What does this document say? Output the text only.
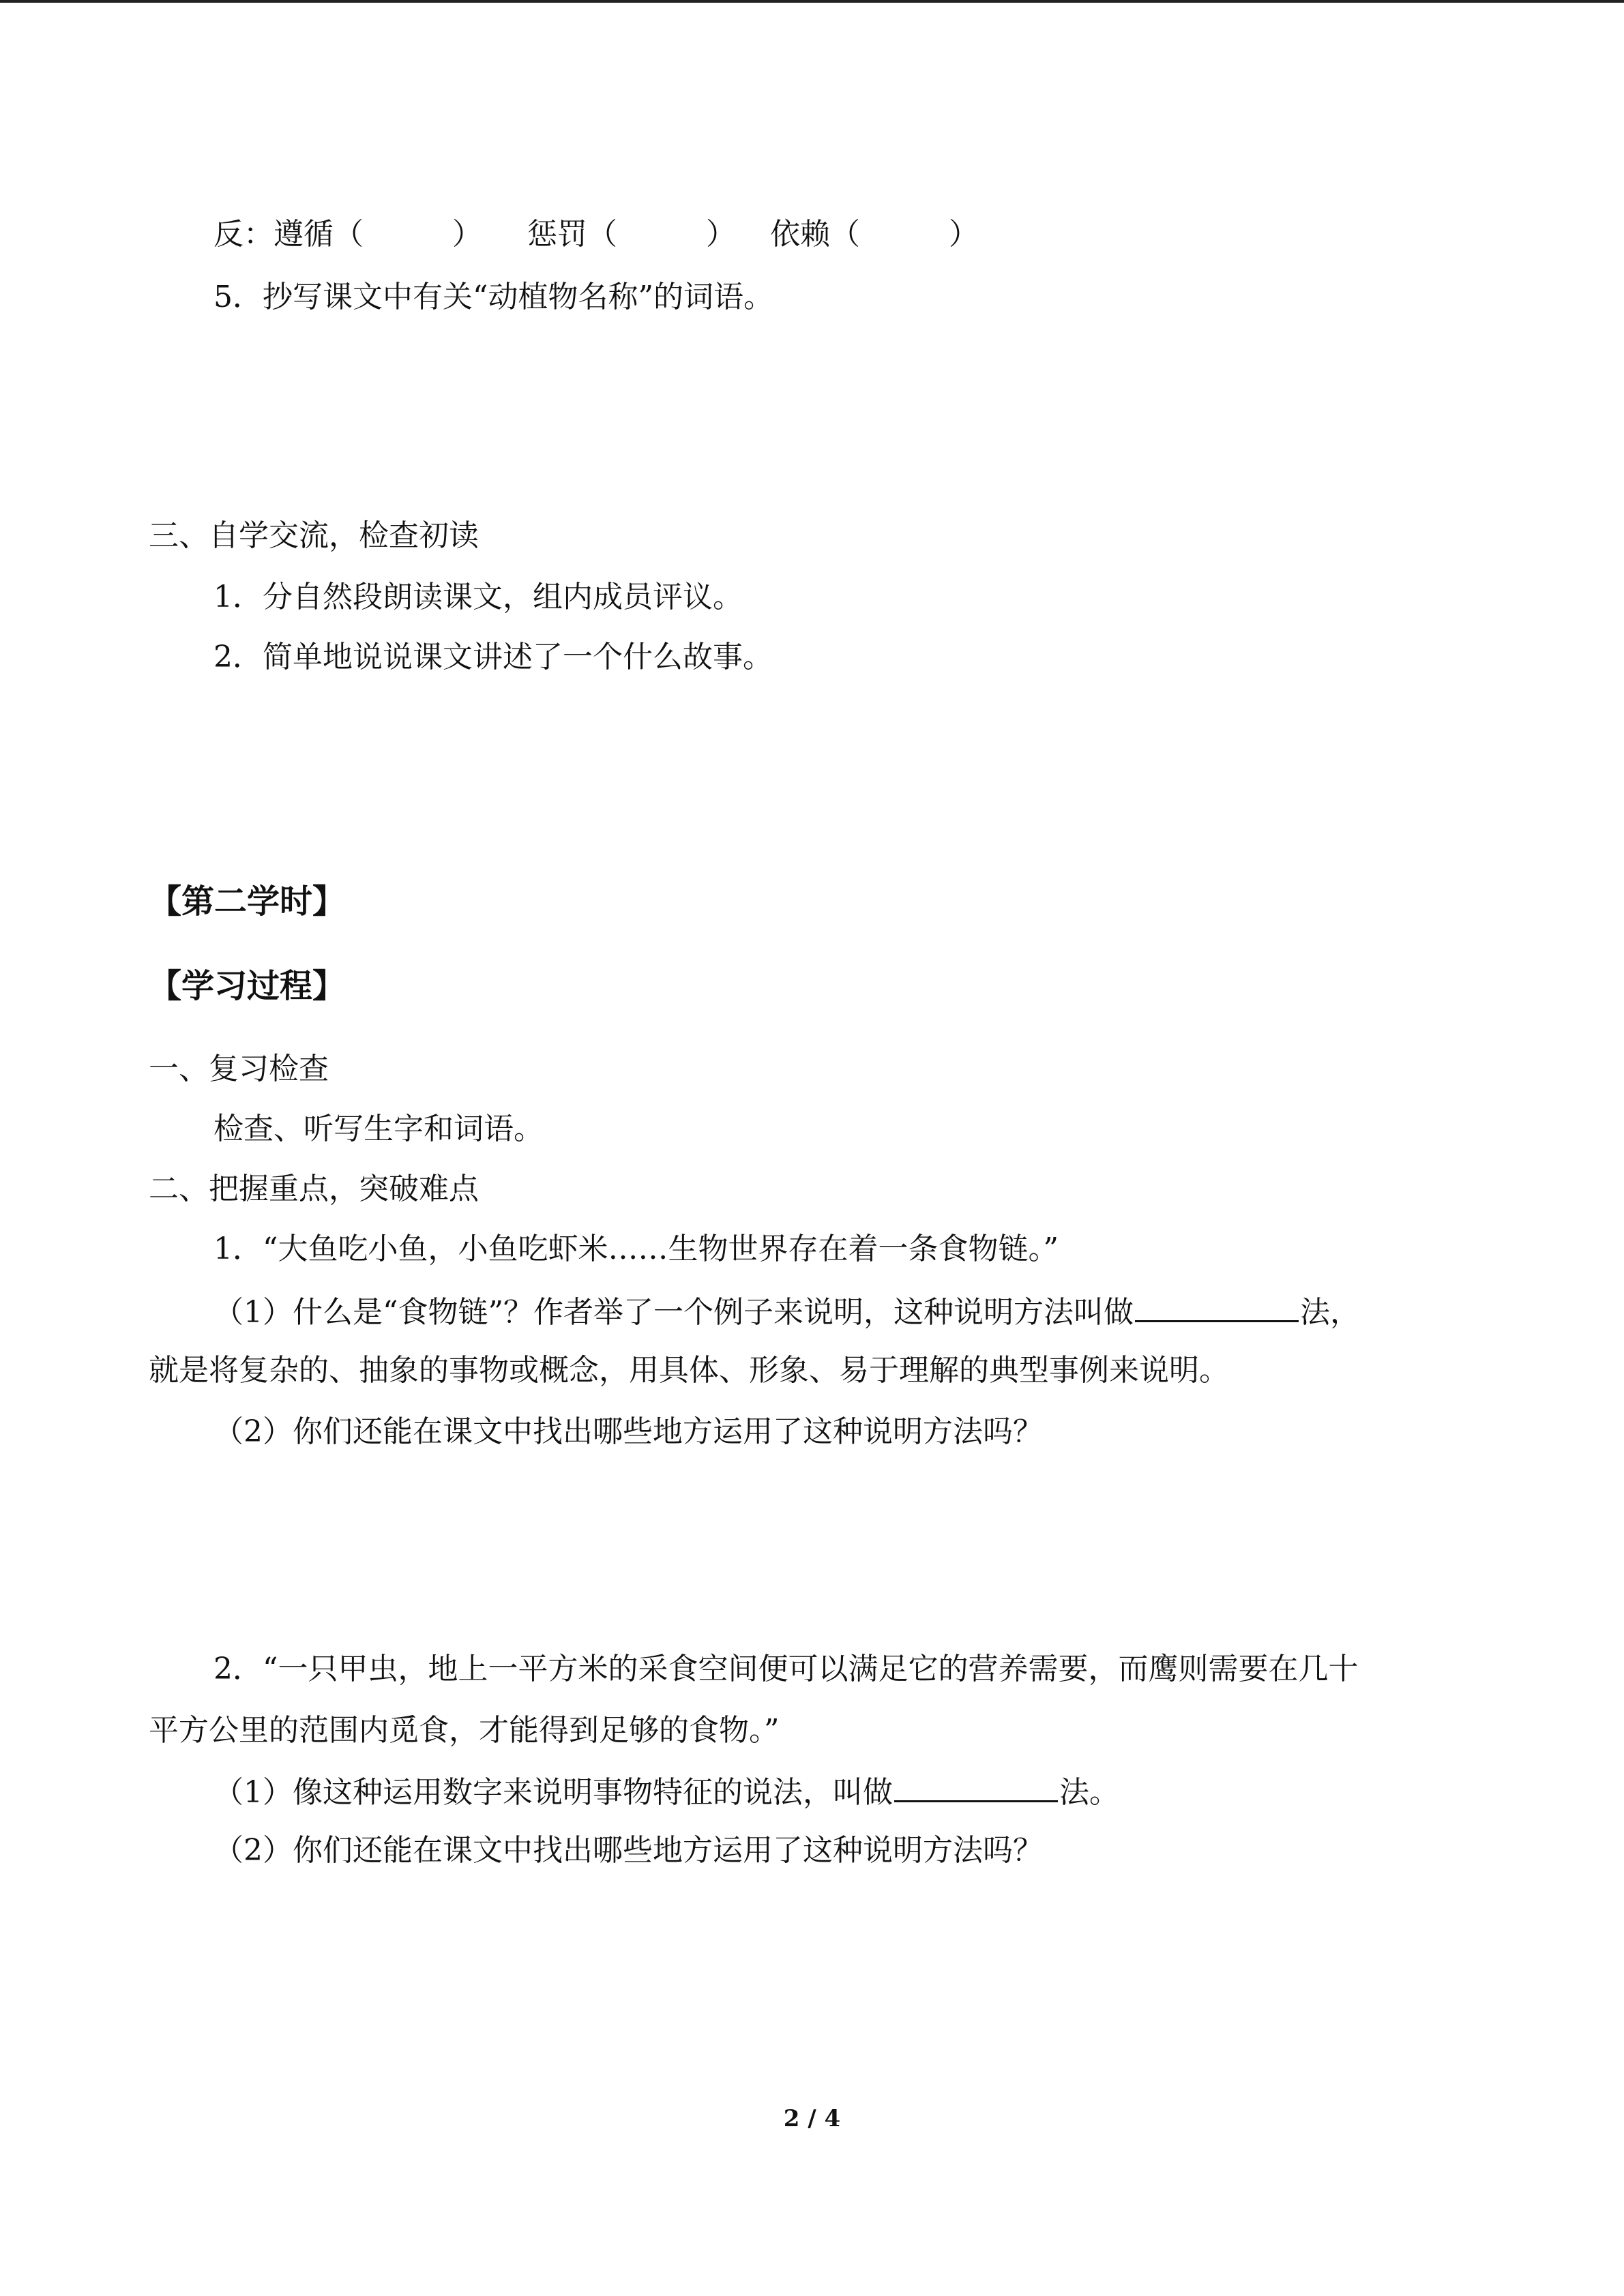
反：遵循（	） 惩罚（	） 依赖（	）
5．抄写课文中有关“动植物名称”的词语。
三、自学交流，检查初读
1．分自然段朗读课文，组内成员评议。
2．简单地说说课文讲述了一个什么故事。
【第二学时】
【学习过程】
一、复习检查
检查、听写生字和词语。
二、把握重点，突破难点
1．“大鱼吃小鱼，小鱼吃虾米……生物世界存在着一条食物链。”
（1）什么是“食物链”？作者举了一个例子来说明，这种说明方法叫做	法，
就是将复杂的、抽象的事物或概念，用具体、形象、易于理解的典型事例来说明。
（2）你们还能在课文中找出哪些地方运用了这种说明方法吗？
2．“一只甲虫，地上一平方米的采食空间便可以满足它的营养需要，而鹰则需要在几十
平方公里的范围内觅食，才能得到足够的食物。”
（1）像这种运用数字来说明事物特征的说法，叫做	法。
（2）你们还能在课文中找出哪些地方运用了这种说明方法吗？
2 / 4
